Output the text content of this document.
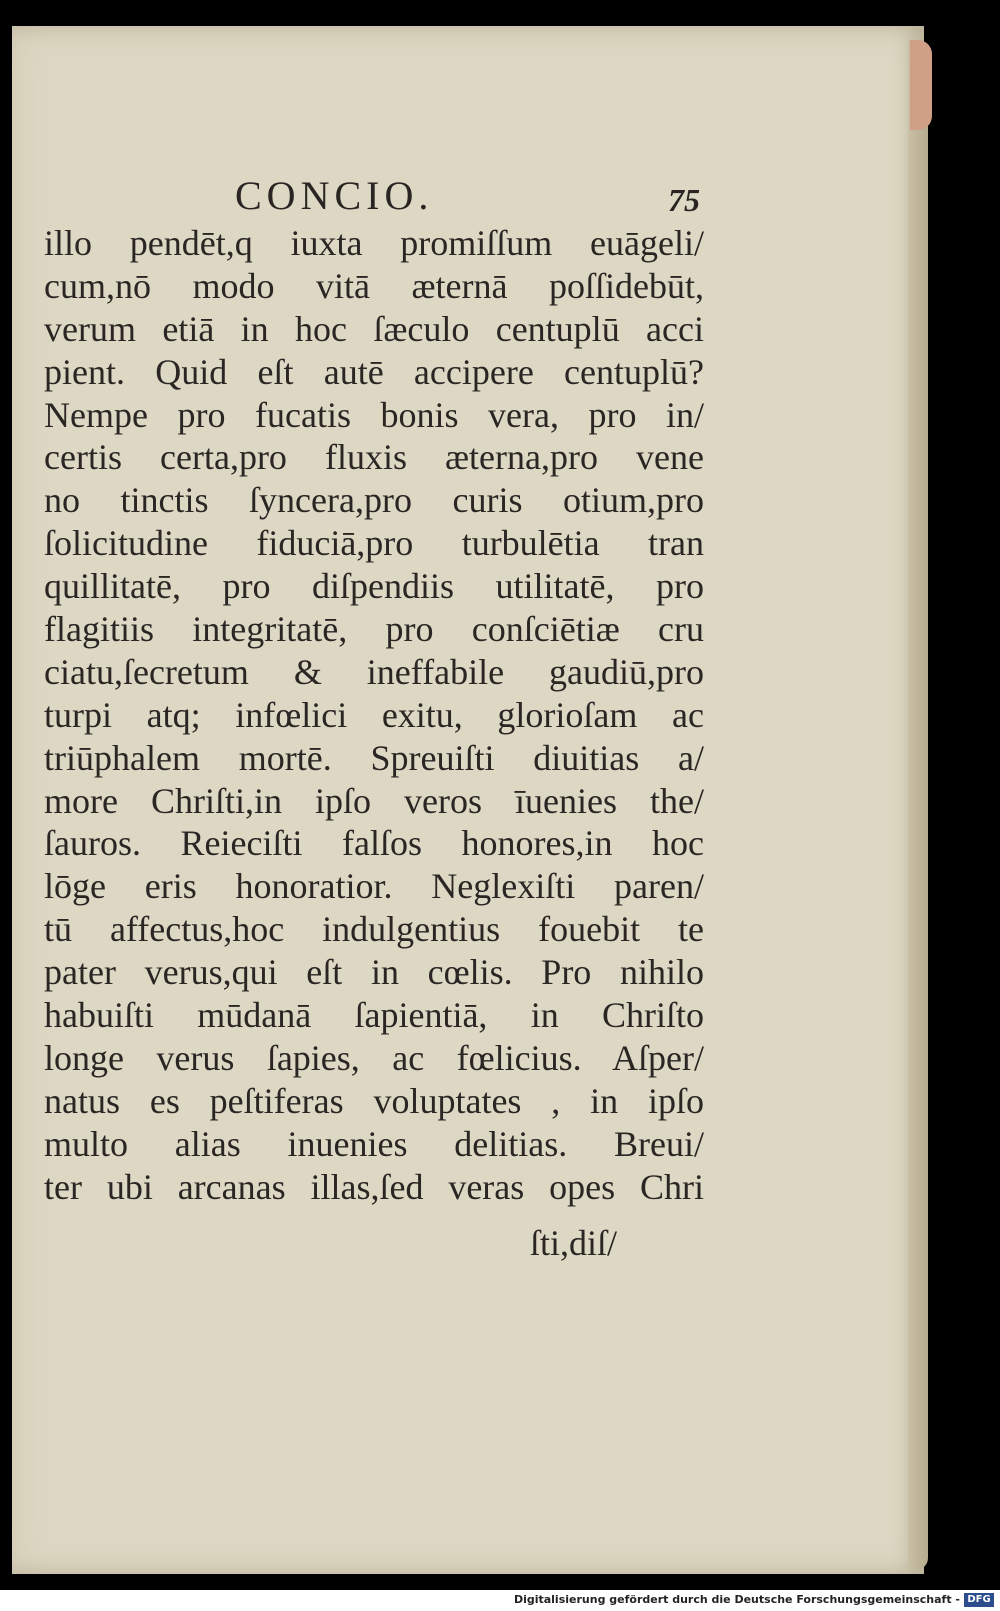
CONCIO.	75
illo pendēt,q iuxta promiſſum euāgeli/
cum,nō modo vitā æternā poſſidebūt,
verum etiā in hoc ſæculo centuplū acci
pient. Quid eſt autē accipere centuplū?
Nempe pro fucatis bonis vera, pro in/
certis certa,pro fluxis æterna,pro vene
no tinctis ſyncera,pro curis otium,pro
ſolicitudine fiduciā,pro turbulētia tran
quillitatē, pro diſpendiis utilitatē, pro
flagitiis integritatē, pro conſciētiæ cru
ciatu,ſecretum & ineffabile gaudiū,pro
turpi atq; infœlici exitu, glorioſam ac
triūphalem mortē. Spreuiſti diuitias a/
more Chriſti,in ipſo veros īuenies the/
ſauros. Reieciſti falſos honores,in hoc
lōge eris honoratior. Neglexiſti paren/
tū affectus,hoc indulgentius fouebit te
pater verus,qui eſt in cœlis. Pro nihilo
habuiſti mūdanā ſapientiā, in Chriſto
longe verus ſapies, ac fœlicius. Aſper/
natus es peſtiferas voluptates , in ipſo
multo alias inuenies delitias. Breui/
ter ubi arcanas illas,ſed veras opes Chri
ſti,diſ/
Digitalisierung gefördert durch die Deutsche Forschungsgemeinschaft - DFG
